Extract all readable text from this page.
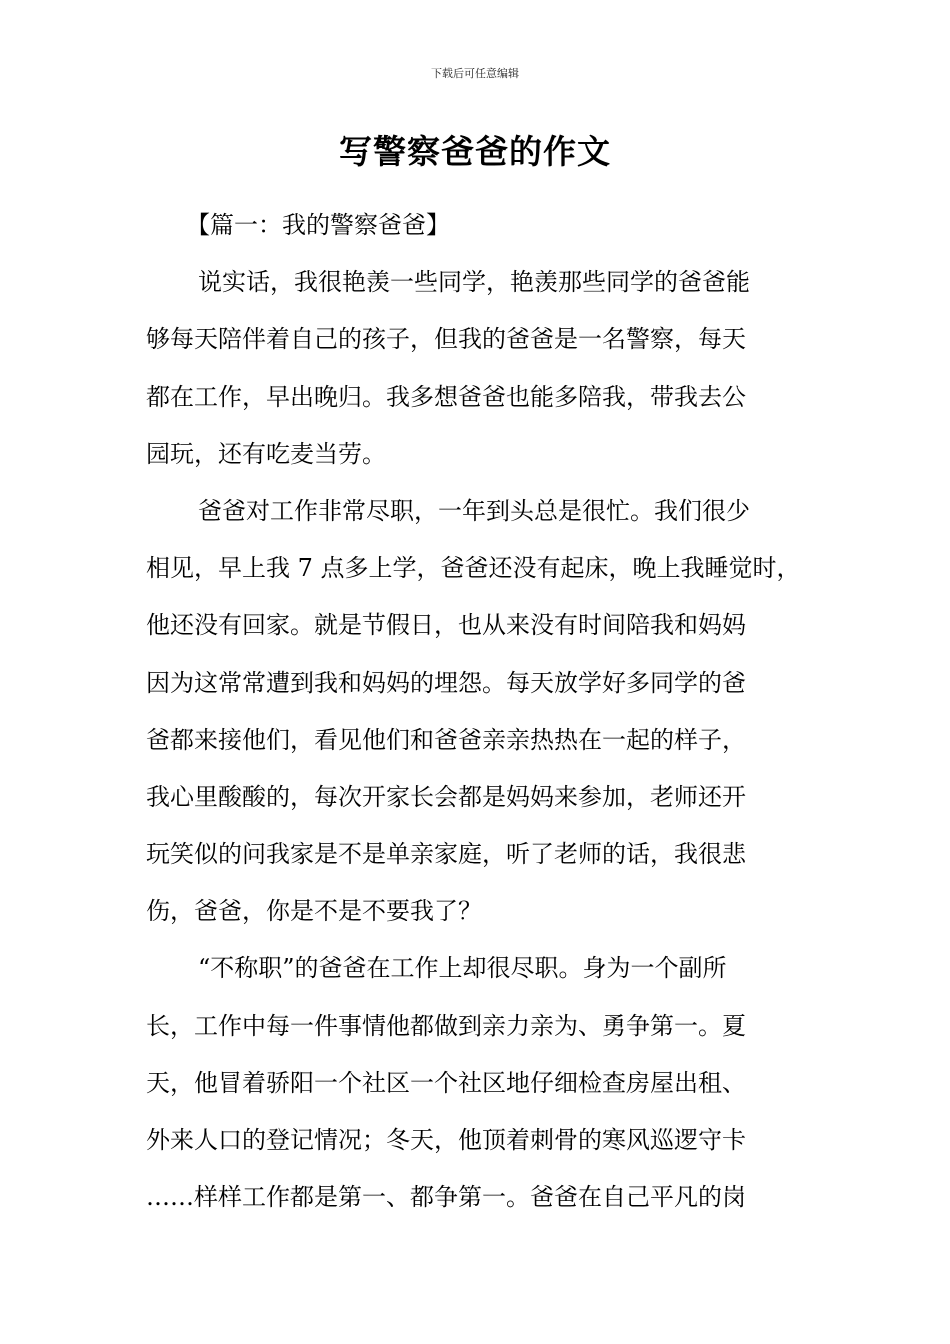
下载后可任意编辑
写警察爸爸的作文
【篇一：我的警察爸爸】
说实话，我很艳羡一些同学，艳羡那些同学的爸爸能
够每天陪伴着自己的孩子，但我的爸爸是一名警察，每天
都在工作，早出晚归。我多想爸爸也能多陪我，带我去公
园玩，还有吃麦当劳。
爸爸对工作非常尽职，一年到头总是很忙。我们很少
相见，早上我 7 点多上学，爸爸还没有起床，晚上我睡觉时，
他还没有回家。就是节假日，也从来没有时间陪我和妈妈
因为这常常遭到我和妈妈的埋怨。每天放学好多同学的爸
爸都来接他们，看见他们和爸爸亲亲热热在一起的样子，
我心里酸酸的，每次开家长会都是妈妈来参加，老师还开
玩笑似的问我家是不是单亲家庭，听了老师的话，我很悲
伤，爸爸，你是不是不要我了？
“不称职”的爸爸在工作上却很尽职。身为一个副所
长，工作中每一件事情他都做到亲力亲为、勇争第一。夏
天，他冒着骄阳一个社区一个社区地仔细检查房屋出租、
外来人口的登记情况；冬天，他顶着刺骨的寒风巡逻守卡
……样样工作都是第一、都争第一。爸爸在自己平凡的岗
